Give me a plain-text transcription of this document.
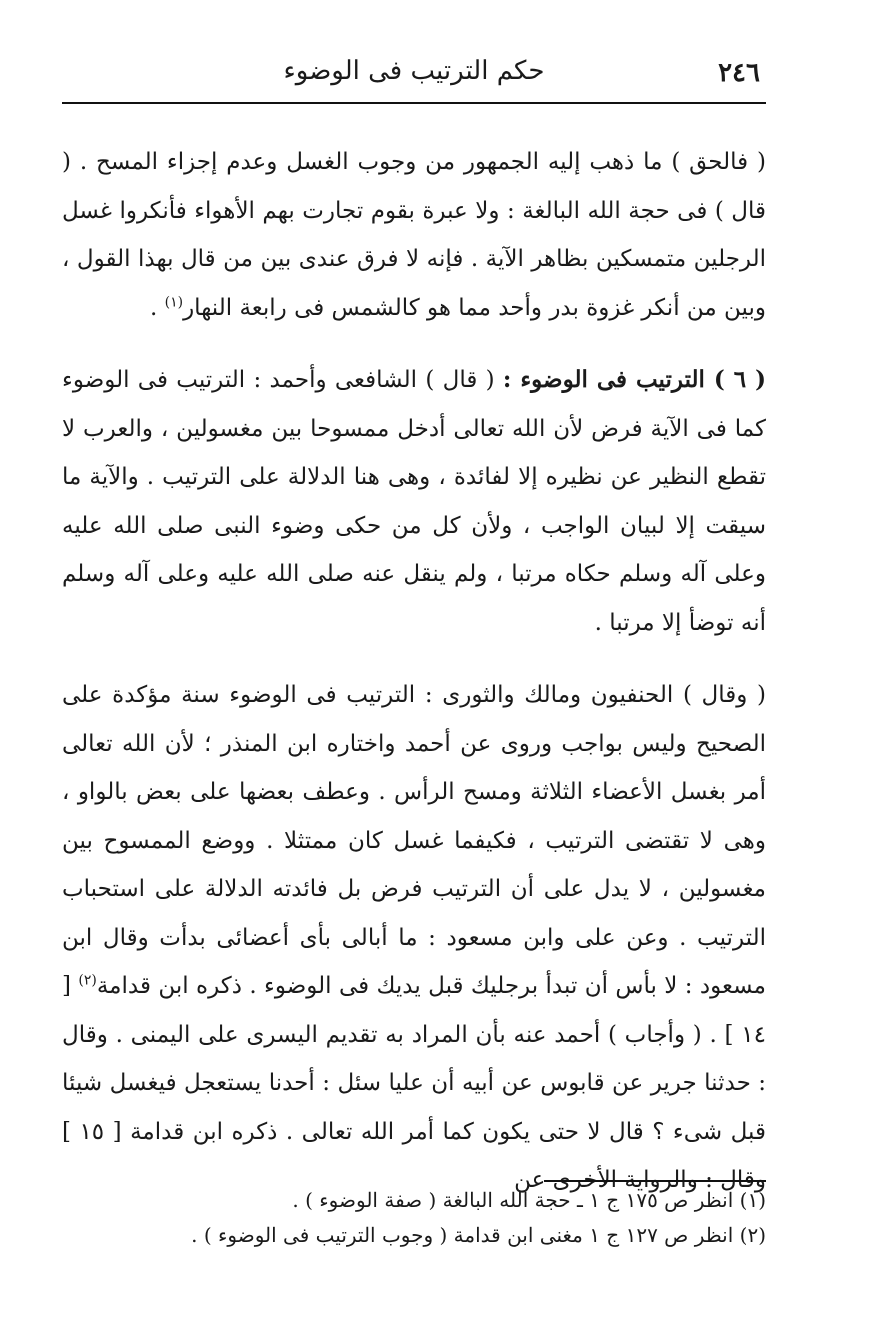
٢٤٦
حكم الترتيب فى الوضوء

( فالحق ) ما ذهب إليه الجمهور من وجوب الغسل وعدم إجزاء المسح . ( قال ) فى حجة الله البالغة : ولا عبرة بقوم تجارت بهم الأهواء فأنكروا غسل الرجلين متمسكين بظاهر الآية . فإنه لا فرق عندى بين من قال بهذا القول ، وبين من أنكر غزوة بدر وأحد مما هو كالشمس فى رابعة النهار$^{(١)}$ .

( ٦ ) الترتيب فى الوضوء : ( قال ) الشافعى وأحمد : الترتيب فى الوضوء كما فى الآية فرض لأن الله تعالى أدخل ممسوحا بين مغسولين ، والعرب لا تقطع النظير عن نظيره إلا لفائدة ، وهى هنا الدلالة على الترتيب . والآية ما سيقت إلا لبيان الواجب ، ولأن كل من حكى وضوء النبى صلى الله عليه وعلى آله وسلم حكاه مرتبا ، ولم ينقل عنه صلى الله عليه وعلى آله وسلم أنه توضأ إلا مرتبا .

( وقال ) الحنفيون ومالك والثورى : الترتيب فى الوضوء سنة مؤكدة على الصحيح وليس بواجب وروى عن أحمد واختاره ابن المنذر ؛ لأن الله تعالى أمر بغسل الأعضاء الثلاثة ومسح الرأس . وعطف بعضها على بعض بالواو ، وهى لا تقتضى الترتيب ، فكيفما غسل كان ممتثلا . ووضع الممسوح بين مغسولين ، لا يدل على أن الترتيب فرض بل فائدته الدلالة على استحباب الترتيب . وعن على وابن مسعود : ما أبالى بأى أعضائى بدأت وقال ابن مسعود : لا بأس أن تبدأ برجليك قبل يديك فى الوضوء . ذكره ابن قدامة$^{(٢)}$ [ ١٤ ] . ( وأجاب ) أحمد عنه بأن المراد به تقديم اليسرى على اليمنى . وقال : حدثنا جرير عن قابوس عن أبيه أن عليا سئل : أحدنا يستعجل فيغسل شيئا قبل شىء ؟ قال لا حتى يكون كما أمر الله تعالى . ذكره ابن قدامة [ ١٥ ] وقال : والرواية الأخرى عن

(١) انظر ص ١٧٥ ج ١ ـ حجة الله البالغة ( صفة الوضوء ) .

(٢) انظر ص ١٢٧ ج ١ مغنى ابن قدامة ( وجوب الترتيب فى الوضوء ) .
